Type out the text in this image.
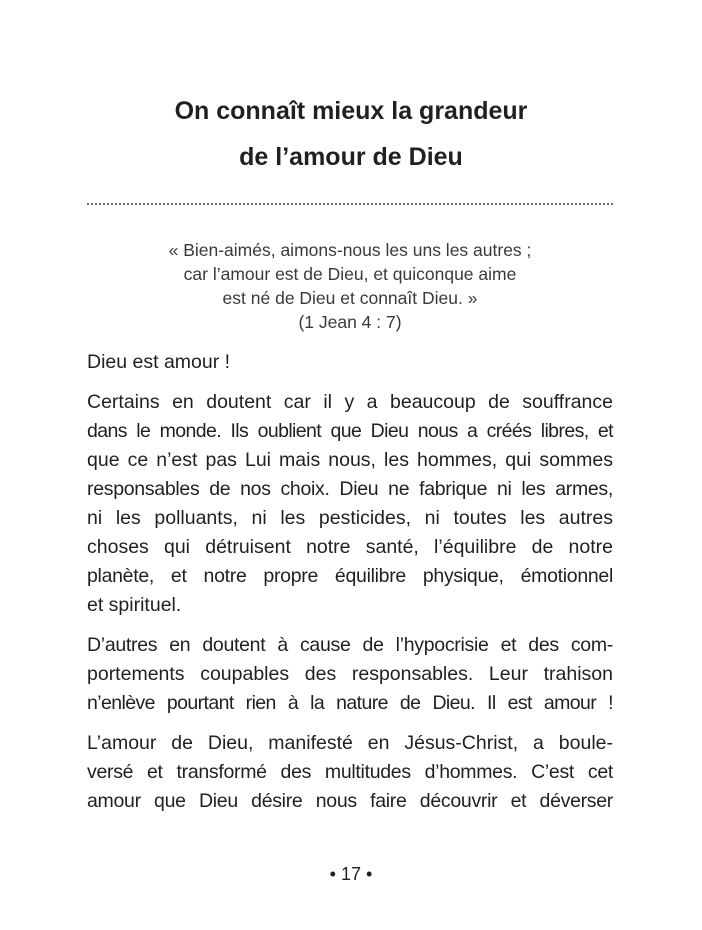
On connaît mieux la grandeur
de l’amour de Dieu
« Bien-aimés, aimons-nous les uns les autres ;
car l’amour est de Dieu, et quiconque aime
est né de Dieu et connaît Dieu. »
(1 Jean 4 : 7)
Dieu est amour !
Certains en doutent car il y a beaucoup de souffrance
dans le monde. Ils oublient que Dieu nous a créés libres, et
que ce n’est pas Lui mais nous, les hommes, qui sommes
responsables de nos choix. Dieu ne fabrique ni les armes,
ni les polluants, ni les pesticides, ni toutes les autres
choses qui détruisent notre santé, l’équilibre de notre
planète, et notre propre équilibre physique, émotionnel
et spirituel.
D’autres en doutent à cause de l’hypocrisie et des com-
portements coupables des responsables. Leur trahison
n’enlève pourtant rien à la nature de Dieu. Il est amour !
L’amour de Dieu, manifesté en Jésus-Christ, a boule-
versé et transformé des multitudes d’hommes. C’est cet
amour que Dieu désire nous faire découvrir et déverser
• 17 •
